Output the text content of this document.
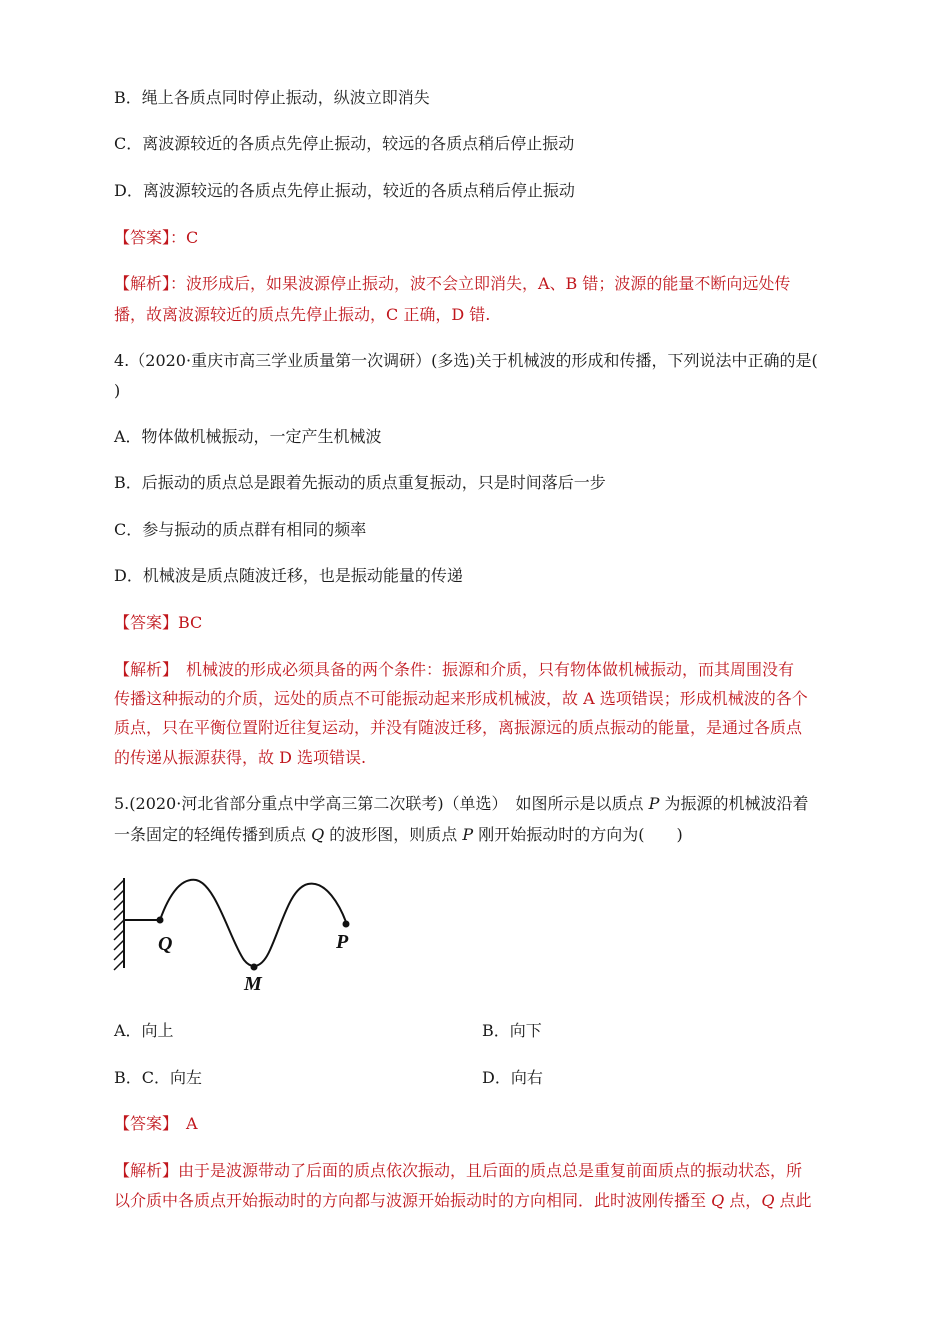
B．绳上各质点同时停止振动，纵波立即消失
C．离波源较近的各质点先停止振动，较远的各质点稍后停止振动
D．离波源较远的各质点先停止振动，较近的各质点稍后停止振动
【答案】：C
【解析】：波形成后，如果波源停止振动，波不会立即消失，A、B 错；波源的能量不断向远处传
播，故离波源较近的质点先停止振动，C 正确，D 错.
4.（2020·重庆市高三学业质量第一次调研）(多选)关于机械波的形成和传播，下列说法中正确的是(
)
A．物体做机械振动，一定产生机械波
B．后振动的质点总是跟着先振动的质点重复振动，只是时间落后一步
C．参与振动的质点群有相同的频率
D．机械波是质点随波迁移，也是振动能量的传递
【答案】BC
【解析】　机械波的形成必须具备的两个条件：振源和介质，只有物体做机械振动，而其周围没有
传播这种振动的介质，远处的质点不可能振动起来形成机械波，故 A 选项错误；形成机械波的各个
质点，只在平衡位置附近往复运动，并没有随波迁移，离振源远的质点振动的能量，是通过各质点
的传递从振源获得，故 D 选项错误.
5.(2020·河北省部分重点中学高三第二次联考)（单选）　如图所示是以质点 P 为振源的机械波沿着
一条固定的轻绳传播到质点 Q 的波形图，则质点 P 刚开始振动时的方向为(　　)
Q
M
P
A．向上	B．向下
B．C．向左	D．向右
【答案】　A
【解析】由于是波源带动了后面的质点依次振动，且后面的质点总是重复前面质点的振动状态，所
以介质中各质点开始振动时的方向都与波源开始振动时的方向相同．此时波刚传播至 Q 点，Q 点此
